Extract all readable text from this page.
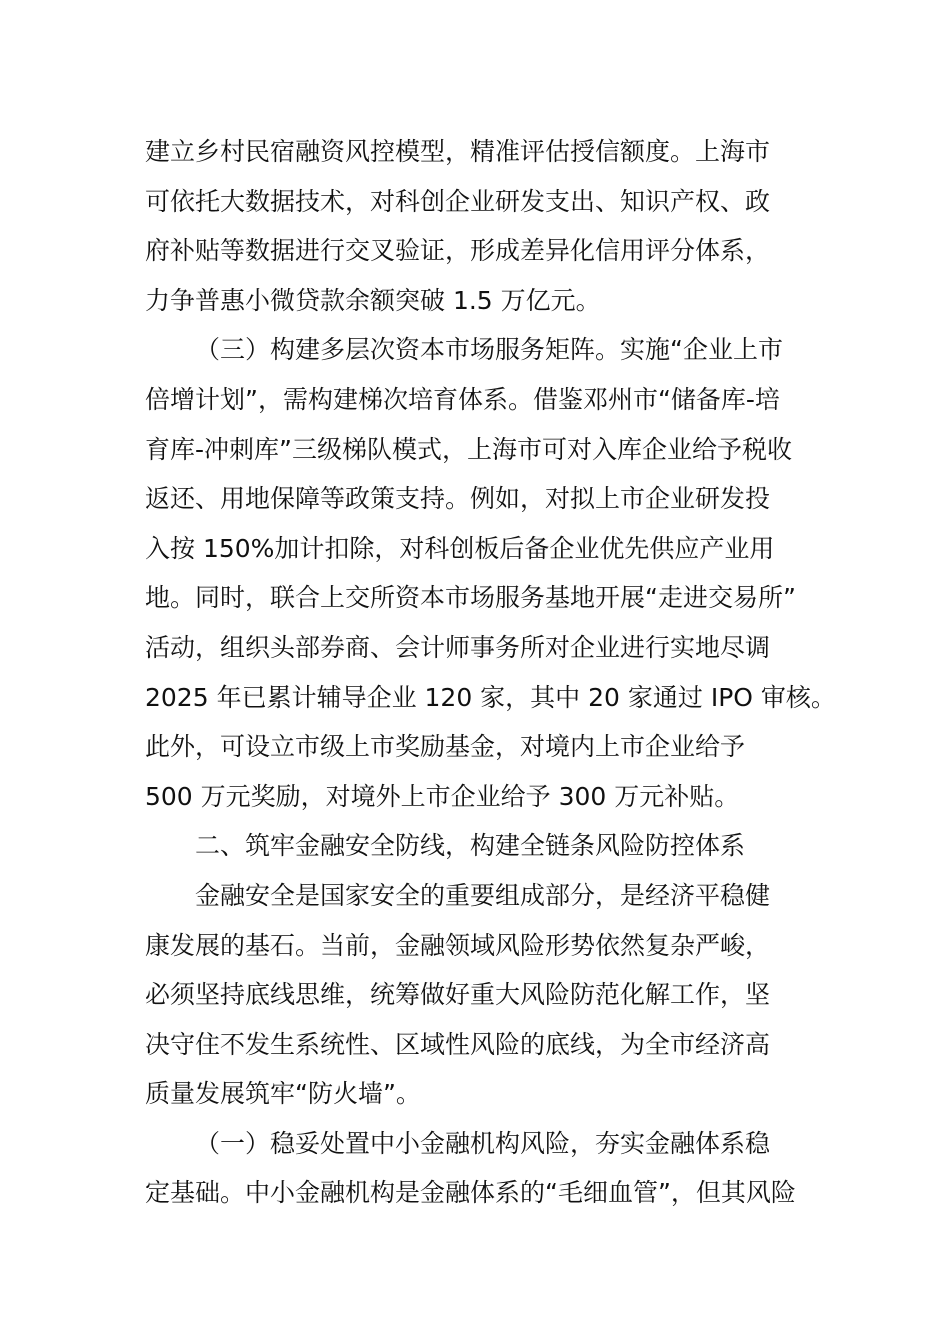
建立乡村民宿融资风控模型，精准评估授信额度。上海市
可依托大数据技术，对科创企业研发支出、知识产权、政
府补贴等数据进行交叉验证，形成差异化信用评分体系，
力争普惠小微贷款余额突破 1.5 万亿元。
（三）构建多层次资本市场服务矩阵。实施“企业上市
倍增计划”，需构建梯次培育体系。借鉴邓州市“储备库-培
育库-冲刺库”三级梯队模式，上海市可对入库企业给予税收
返还、用地保障等政策支持。例如，对拟上市企业研发投
入按 150%加计扣除，对科创板后备企业优先供应产业用
地。同时，联合上交所资本市场服务基地开展“走进交易所”
活动，组织头部券商、会计师事务所对企业进行实地尽调
2025 年已累计辅导企业 120 家，其中 20 家通过 IPO 审核。
此外，可设立市级上市奖励基金，对境内上市企业给予
500 万元奖励，对境外上市企业给予 300 万元补贴。
二、筑牢金融安全防线，构建全链条风险防控体系
金融安全是国家安全的重要组成部分，是经济平稳健
康发展的基石。当前，金融领域风险形势依然复杂严峻，
必须坚持底线思维，统筹做好重大风险防范化解工作，坚
决守住不发生系统性、区域性风险的底线，为全市经济高
质量发展筑牢“防火墙”。
（一）稳妥处置中小金融机构风险，夯实金融体系稳
定基础。中小金融机构是金融体系的“毛细血管”，但其风险
